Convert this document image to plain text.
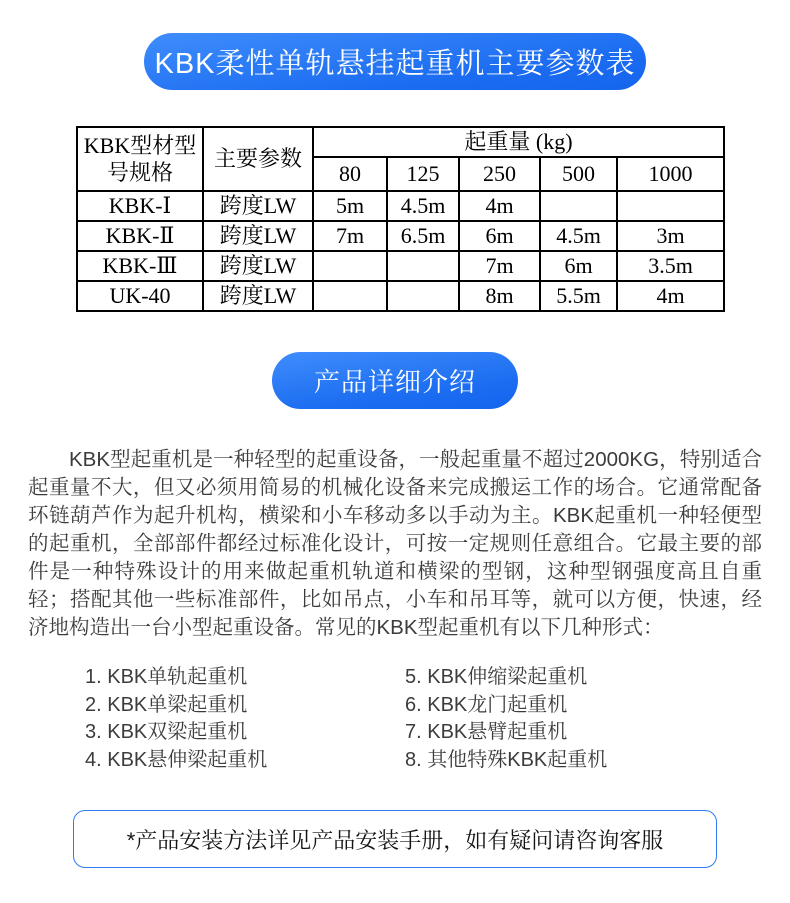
KBK柔性单轨悬挂起重机主要参数表
KBK型材型号规格	主要参数	起重量 (kg)				
		80	125	250	500	1000
KBK-Ⅰ	跨度LW	5m	4.5m	4m		
KBK-Ⅱ	跨度LW	7m	6.5m	6m	4.5m	3m
KBK-Ⅲ	跨度LW			7m	6m	3.5m
UK-40	跨度LW			8m	5.5m	4m
产品详细介绍

KBK型起重机是一种轻型的起重设备，一般起重量不超过2000KG，特别适合起重量不大，但又必须用简易的机械化设备来完成搬运工作的场合。它通常配备环链葫芦作为起升机构，横梁和小车移动多以手动为主。KBK起重机一种轻便型的起重机，全部部件都经过标准化设计，可按一定规则任意组合。它最主要的部件是一种特殊设计的用来做起重机轨道和横梁的型钢，这种型钢强度高且自重轻；搭配其他一些标准部件，比如吊点，小车和吊耳等，就可以方便，快速，经济地构造出一台小型起重设备。常见的KBK型起重机有以下几种形式：

1. KBK单轨起重机
2. KBK单梁起重机
3. KBK双梁起重机
4. KBK悬伸梁起重机
5. KBK伸缩梁起重机
6. KBK龙门起重机
7. KBK悬臂起重机
8. 其他特殊KBK起重机
*产品安装方法详见产品安装手册，如有疑问请咨询客服
